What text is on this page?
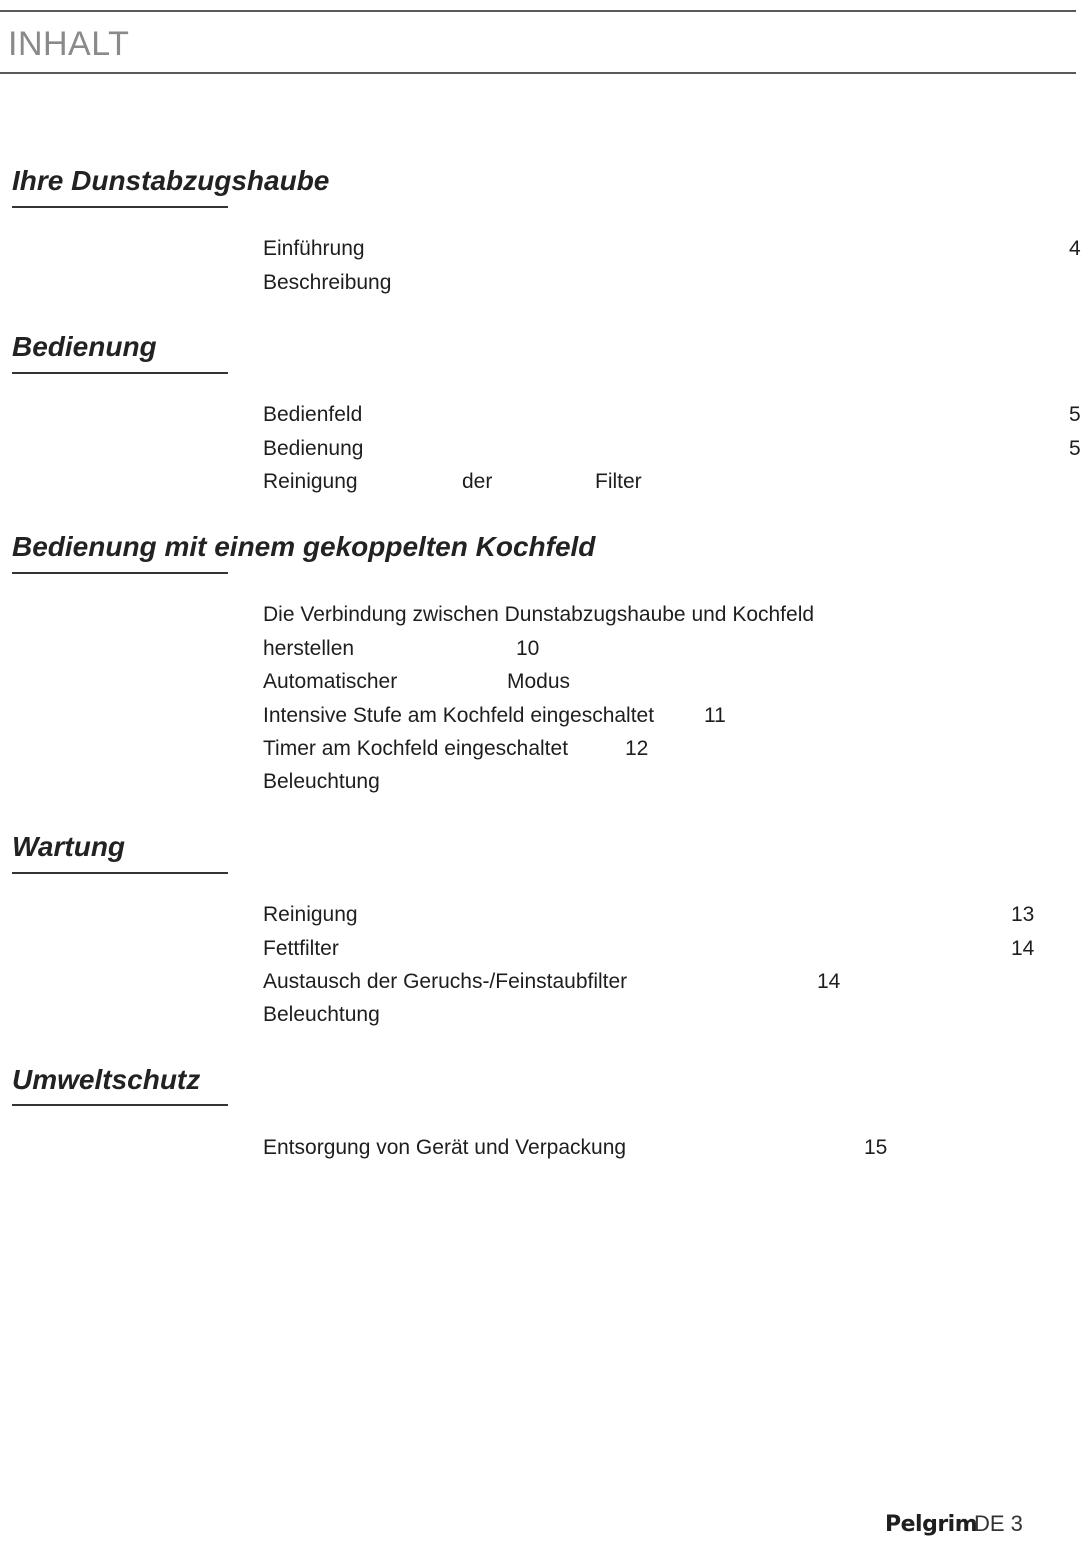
INHALT
Ihre Dunstabzugshaube
Einführung	4
Beschreibung
Bedienung
Bedienfeld	5
Bedienung	5
Reinigung	der	Filter
Bedienung mit einem gekoppelten Kochfeld
Die Verbindung zwischen Dunstabzugshaube und Kochfeld
herstellen	10
Automatischer	Modus
Intensive Stufe am Kochfeld eingeschaltet 11
Timer am Kochfeld eingeschaltet	12
Beleuchtung
Wartung
Reinigung	13
Fettfilter	14
Austausch der Geruchs-/Feinstaubfilter	14
Beleuchtung
Umweltschutz
Entsorgung von Gerät und Verpackung	15
Pelgrim
DE 3
